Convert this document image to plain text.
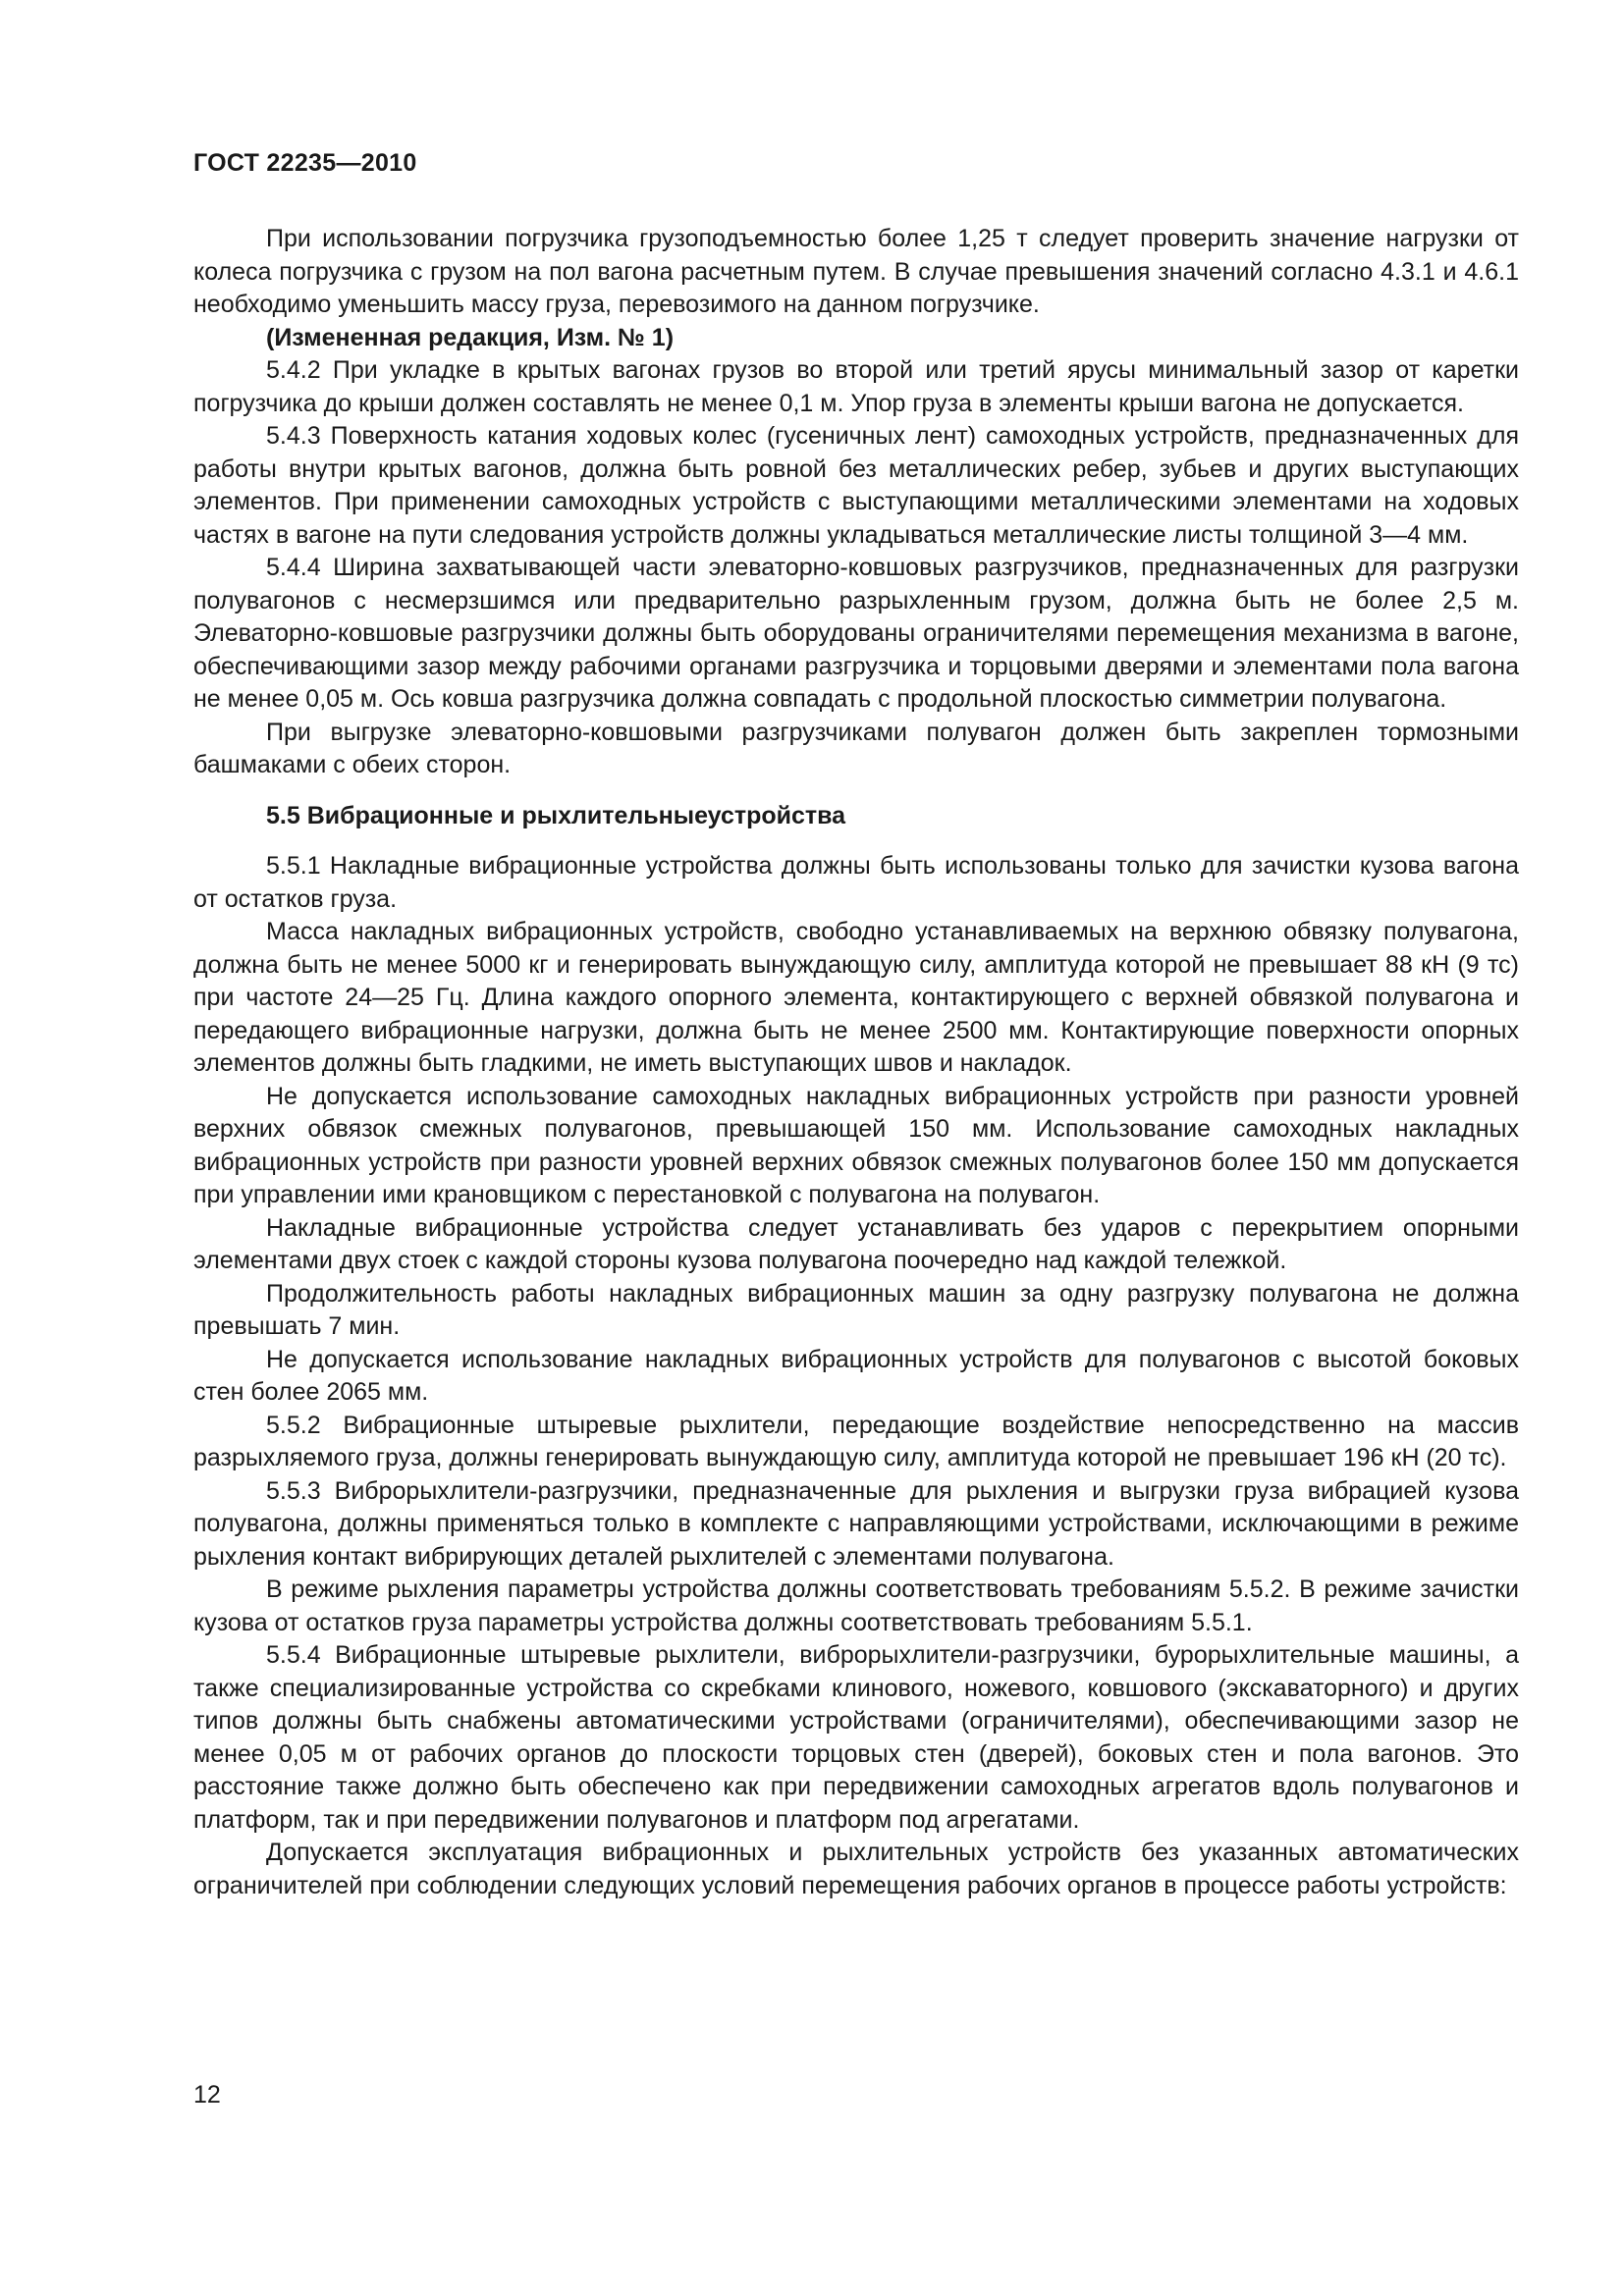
ГОСТ 22235—2010

При использовании погрузчика грузоподъемностью более 1,25 т следует проверить значение нагрузки от колеса погрузчика с грузом на пол вагона расчетным путем. В случае превышения значений согласно 4.3.1 и 4.6.1 необходимо уменьшить массу груза, перевозимого на данном погрузчике.

(Измененная редакция, Изм. № 1)

5.4.2 При укладке в крытых вагонах грузов во второй или третий ярусы минимальный зазор от каретки погрузчика до крыши должен составлять не менее 0,1 м. Упор груза в элементы крыши вагона не допускается.

5.4.3 Поверхность катания ходовых колес (гусеничных лент) самоходных устройств, предназначенных для работы внутри крытых вагонов, должна быть ровной без металлических ребер, зубьев и других выступающих элементов. При применении самоходных устройств с выступающими металлическими элементами на ходовых частях в вагоне на пути следования устройств должны укладываться металлические листы толщиной 3—4 мм.

5.4.4 Ширина захватывающей части элеваторно-ковшовых разгрузчиков, предназначенных для разгрузки полувагонов с несмерзшимся или предварительно разрыхленным грузом, должна быть не более 2,5 м. Элеваторно-ковшовые разгрузчики должны быть оборудованы ограничителями перемещения механизма в вагоне, обеспечивающими зазор между рабочими органами разгрузчика и торцовыми дверями и элементами пола вагона не менее 0,05 м. Ось ковша разгрузчика должна совпадать с продольной плоскостью симметрии полувагона.

При выгрузке элеваторно-ковшовыми разгрузчиками полувагон должен быть закреплен тормозными башмаками с обеих сторон.

5.5 Вибрационные и рыхлительныеустройства

5.5.1 Накладные вибрационные устройства должны быть использованы только для зачистки кузова вагона от остатков груза.

Масса накладных вибрационных устройств, свободно устанавливаемых на верхнюю обвязку полувагона, должна быть не менее 5000 кг и генерировать вынуждающую силу, амплитуда которой не превышает 88 кН (9 тс) при частоте 24—25 Гц. Длина каждого опорного элемента, контактирующего с верхней обвязкой полувагона и передающего вибрационные нагрузки, должна быть не менее 2500 мм. Контактирующие поверхности опорных элементов должны быть гладкими, не иметь выступающих швов и накладок.

Не допускается использование самоходных накладных вибрационных устройств при разности уровней верхних обвязок смежных полувагонов, превышающей 150 мм. Использование самоходных накладных вибрационных устройств при разности уровней верхних обвязок смежных полувагонов более 150 мм допускается при управлении ими крановщиком с перестановкой с полувагона на полувагон.

Накладные вибрационные устройства следует устанавливать без ударов с перекрытием опорными элементами двух стоек с каждой стороны кузова полувагона поочередно над каждой тележкой.

Продолжительность работы накладных вибрационных машин за одну разгрузку полувагона не должна превышать 7 мин.

Не допускается использование накладных вибрационных устройств для полувагонов с высотой боковых стен более 2065 мм.

5.5.2 Вибрационные штыревые рыхлители, передающие воздействие непосредственно на массив разрыхляемого груза, должны генерировать вынуждающую силу, амплитуда которой не превышает 196 кН (20 тс).

5.5.3 Виброрыхлители-разгрузчики, предназначенные для рыхления и выгрузки груза вибрацией кузова полувагона, должны применяться только в комплекте с направляющими устройствами, исключающими в режиме рыхления контакт вибрирующих деталей рыхлителей с элементами полувагона.

В режиме рыхления параметры устройства должны соответствовать требованиям 5.5.2. В режиме зачистки кузова от остатков груза параметры устройства должны соответствовать требованиям 5.5.1.

5.5.4 Вибрационные штыревые рыхлители, виброрыхлители-разгрузчики, бурорыхлительные машины, а также специализированные устройства со скребками клинового, ножевого, ковшового (экскаваторного) и других типов должны быть снабжены автоматическими устройствами (ограничителями), обеспечивающими зазор не менее 0,05 м от рабочих органов до плоскости торцовых стен (дверей), боковых стен и пола вагонов. Это расстояние также должно быть обеспечено как при передвижении самоходных агрегатов вдоль полувагонов и платформ, так и при передвижении полувагонов и платформ под агрегатами.

Допускается эксплуатация вибрационных и рыхлительных устройств без указанных автоматических ограничителей при соблюдении следующих условий перемещения рабочих органов в процессе работы устройств:

12
